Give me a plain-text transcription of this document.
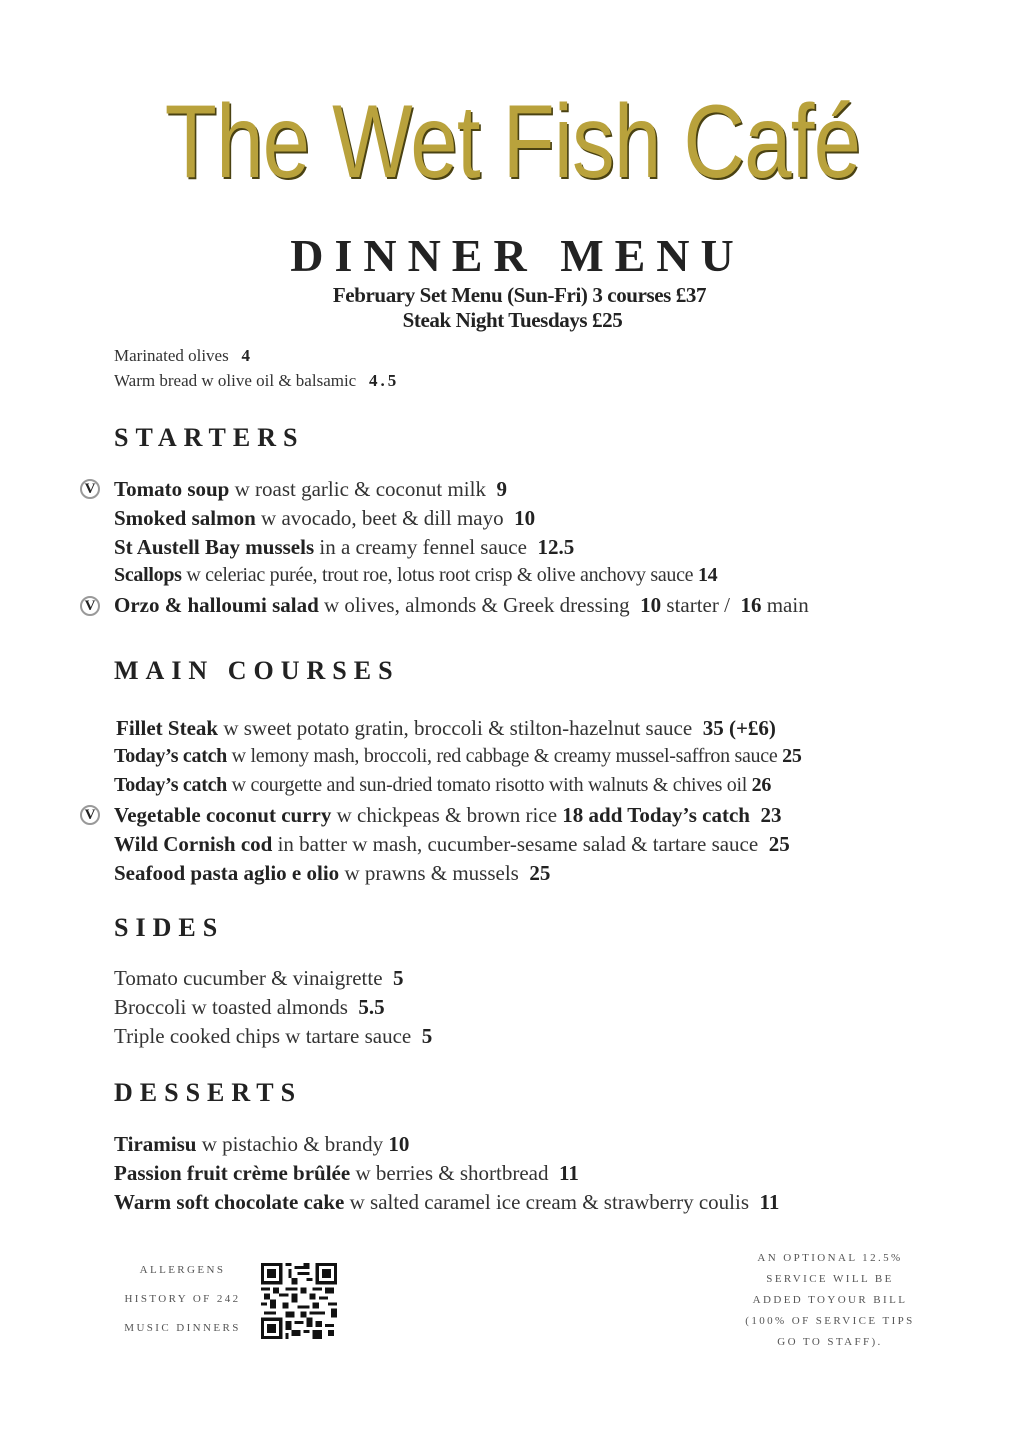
The Wet Fish Café
DINNER MENU
February Set Menu (Sun-Fri) 3 courses £37
Steak Night Tuesdays £25
Marinated olives 4
Warm bread w olive oil & balsamic 4.5
STARTERS
V Tomato soup w roast garlic & coconut milk 9
Smoked salmon w avocado, beet & dill mayo 10
St Austell Bay mussels in a creamy fennel sauce 12.5
Scallops w celeriac purée, trout roe, lotus root crisp & olive anchovy sauce 14
V Orzo & halloumi salad w olives, almonds & Greek dressing 10 starter /  16 main
MAIN COURSES
Fillet Steak w sweet potato gratin, broccoli & stilton-hazelnut sauce 35 (+£6)
Today’s catch w lemony mash, broccoli, red cabbage & creamy mussel-saffron sauce 25
Today’s catch w courgette and sun-dried tomato risotto with walnuts & chives oil 26
V Vegetable coconut curry w chickpeas & brown rice 18 add Today’s catch 23
Wild Cornish cod in batter w mash, cucumber-sesame salad & tartare sauce 25
Seafood pasta aglio e olio w prawns & mussels 25
SIDES
Tomato cucumber & vinaigrette 5
Broccoli w toasted almonds 5.5
Triple cooked chips w tartare sauce 5
DESSERTS
Tiramisu w pistachio & brandy 10
Passion fruit crème brûlée w berries & shortbread 11
Warm soft chocolate cake w salted caramel ice cream & strawberry coulis 11
ALLERGENS
HISTORY OF 242
MUSIC DINNERS
AN OPTIONAL 12.5%
SERVICE WILL BE
ADDED TOYOUR BILL
(100% OF SERVICE TIPS
GO TO STAFF).
